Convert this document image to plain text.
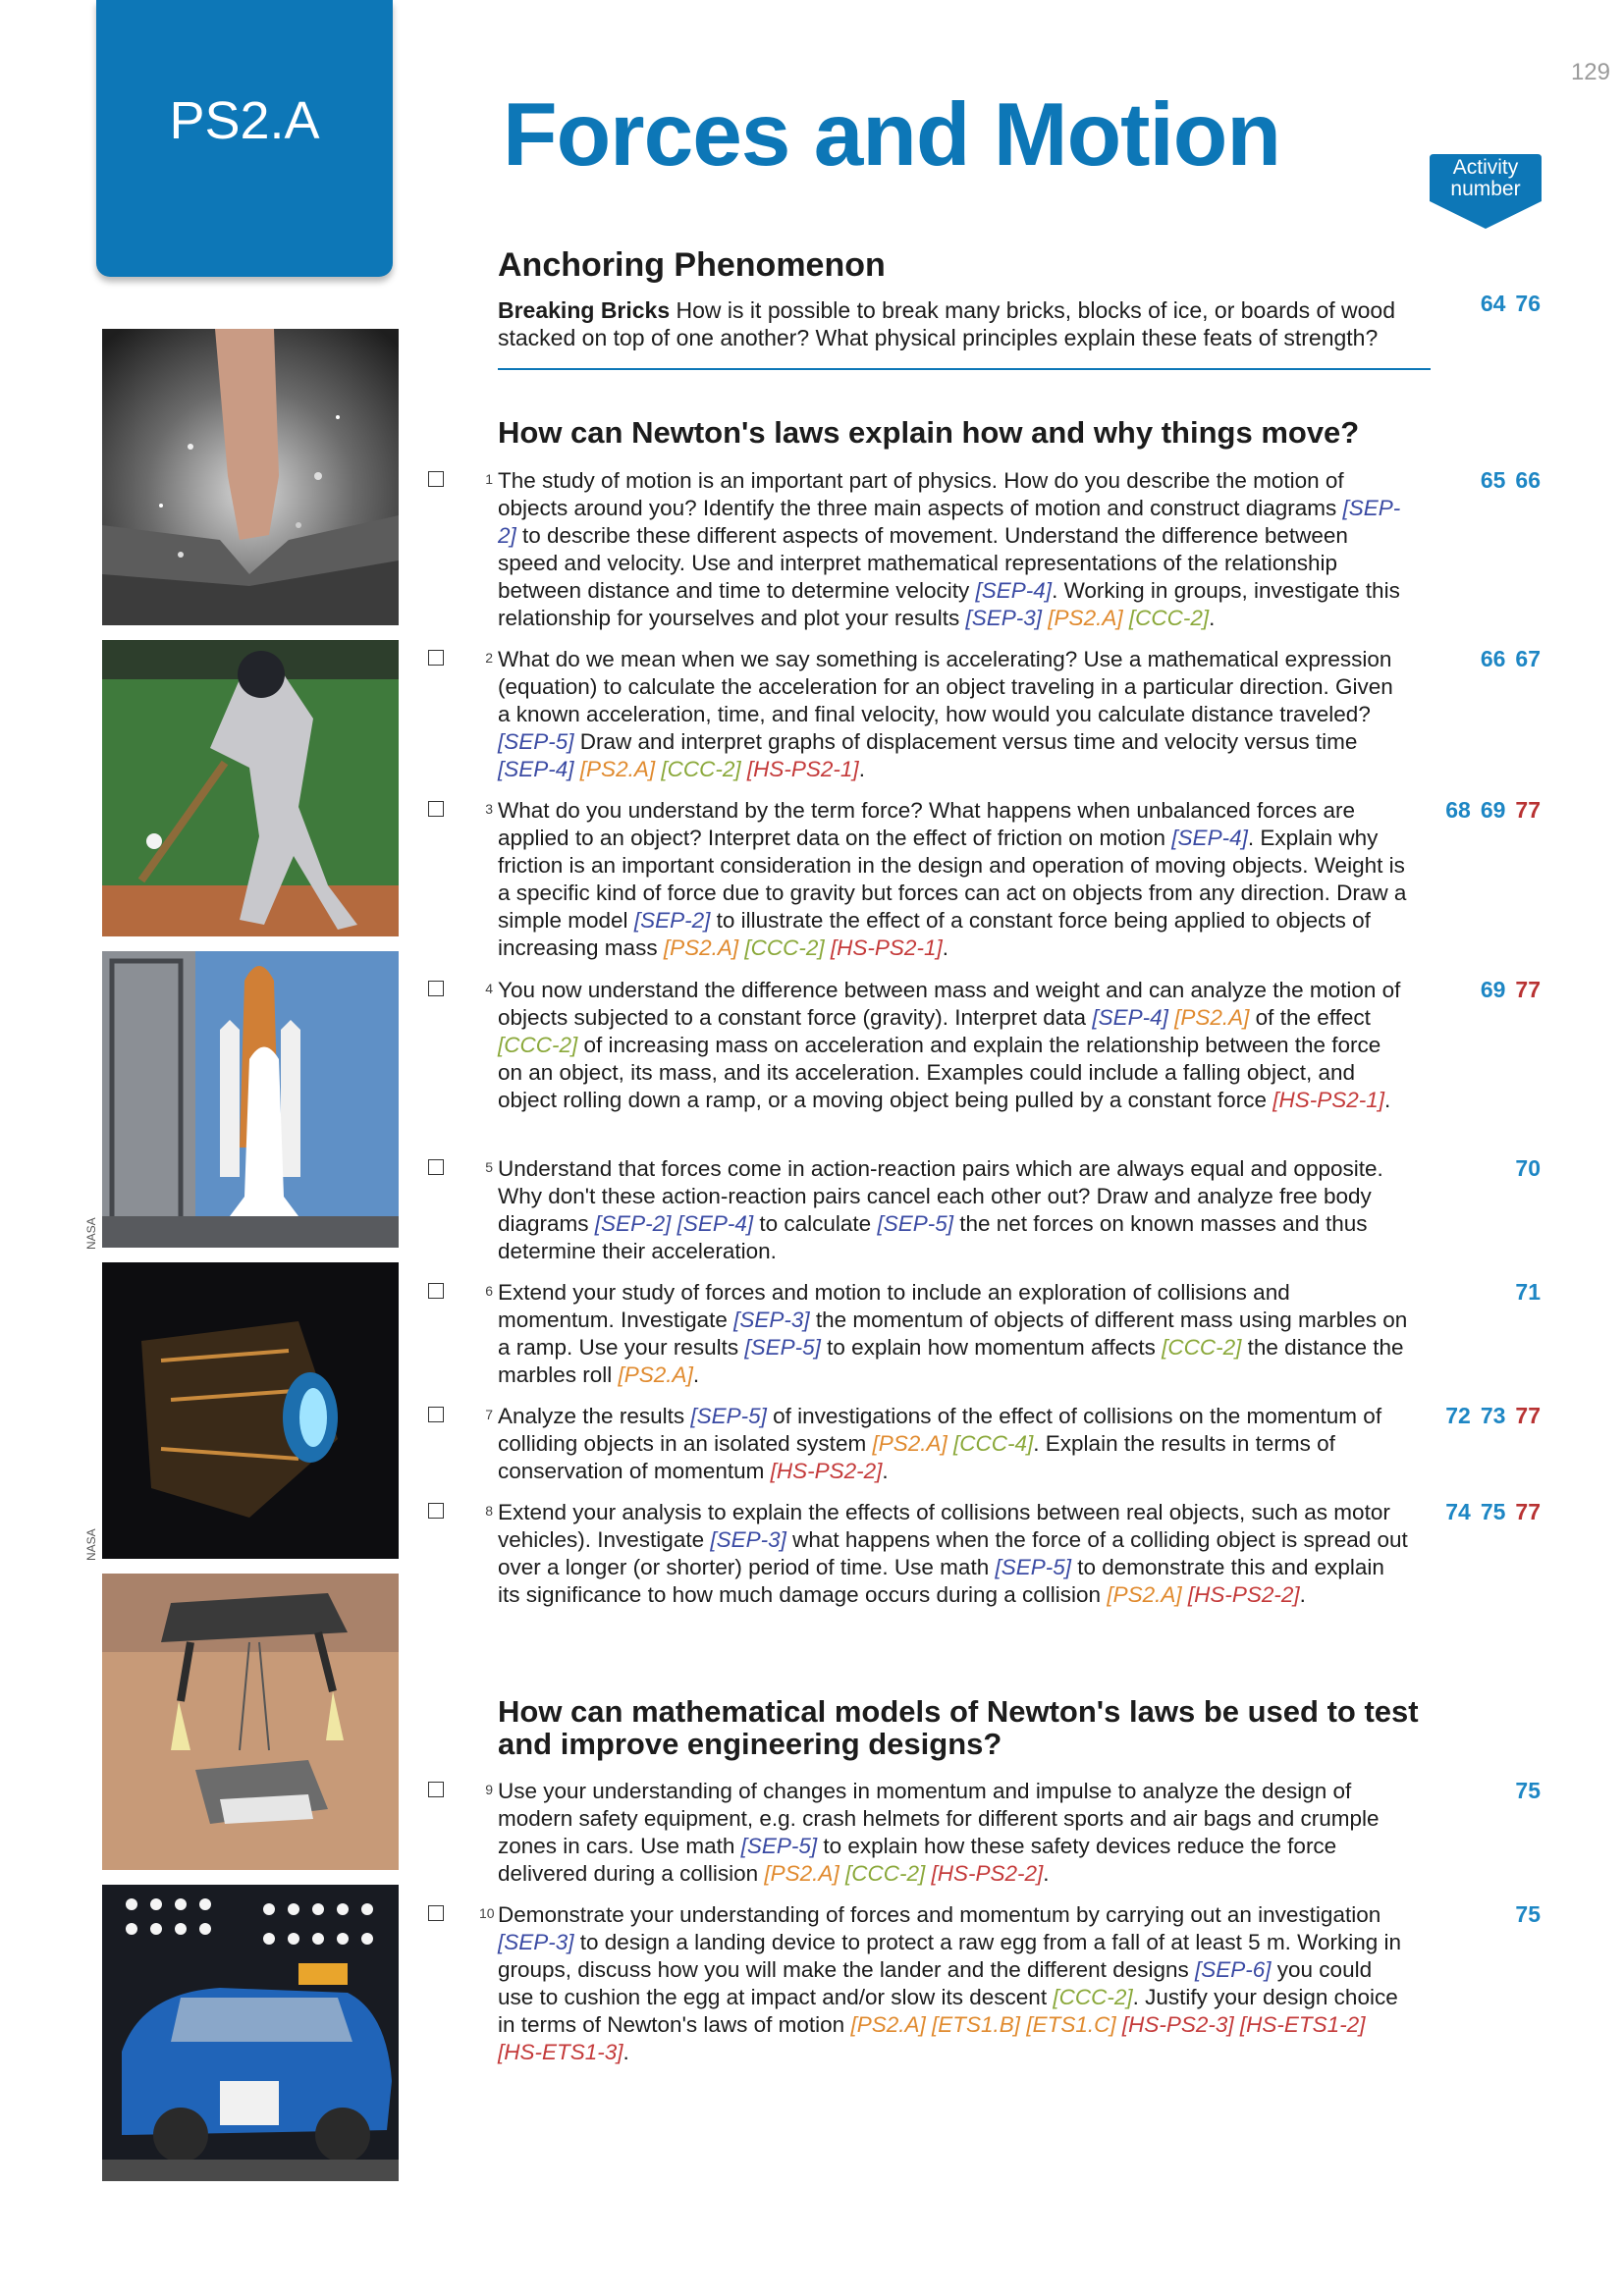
129
PS2.A	Forces and Motion	Activity number
NASA
NASA
Anchoring Phenomenon
Breaking Bricks How is it possible to break many bricks, blocks of ice, or boards of wood stacked on top of one another? What physical principles explain these feats of strength?
64 76
How can Newton's laws explain how and why things move?
How can mathematical models of Newton's laws be used to test and improve engineering designs?
1 The study of motion is an important part of physics. How do you describe the motion of objects around you? Identify the three main aspects of motion and construct diagrams [SEP-2] to describe these different aspects of movement. Understand the difference between speed and velocity. Use and interpret mathematical representations of the relationship between distance and time to determine velocity [SEP-4]. Working in groups, investigate this relationship for yourselves and plot your results [SEP-3] [PS2.A] [CCC-2].
65 66
2 What do we mean when we say something is accelerating? Use a mathematical expression (equation) to calculate the acceleration for an object traveling in a particular direction. Given a known acceleration, time, and final velocity, how would you calculate distance traveled?[SEP-5] Draw and interpret graphs of displacement versus time and velocity versus time [SEP-4] [PS2.A] [CCC-2] [HS-PS2-1].
66 67
3 What do you understand by the term force? What happens when unbalanced forces are applied to an object? Interpret data on the effect of friction on motion [SEP-4]. Explain why friction is an important consideration in the design and operation of moving objects. Weight is a specific kind of force due to gravity but forces can act on objects from any direction. Draw a simple model [SEP-2] to illustrate the effect of a constant force being applied to objects of increasing mass [PS2.A] [CCC-2] [HS-PS2-1].
68 69 77
4 You now understand the difference between mass and weight and can analyze the motion of objects subjected to a constant force (gravity). Interpret data [SEP-4] [PS2.A] of the effect [CCC-2] of increasing mass on acceleration and explain the relationship between the force on an object, its mass, and its acceleration. Examples could include a falling object, and object rolling down a ramp, or a moving object being pulled by a constant force [HS-PS2-1].
69 77
5 Understand that forces come in action-reaction pairs which are always equal and opposite. Why don't these action-reaction pairs cancel each other out? Draw and analyze free body diagrams [SEP-2] [SEP-4] to calculate [SEP-5] the net forces on known masses and thus determine their acceleration.
70
6 Extend your study of forces and motion to include an exploration of collisions and momentum. Investigate [SEP-3] the momentum of objects of different mass using marbles on a ramp. Use your results [SEP-5] to explain how momentum affects [CCC-2] the distance the marbles roll [PS2.A].
71
7 Analyze the results [SEP-5] of investigations of the effect of collisions on the momentum of colliding objects in an isolated system [PS2.A] [CCC-4]. Explain the results in terms of conservation of momentum [HS-PS2-2].
72 73 77
8 Extend your analysis to explain the effects of collisions between real objects, such as motor vehicles). Investigate [SEP-3] what happens when the force of a colliding object is spread out over a longer (or shorter) period of time. Use math [SEP-5] to demonstrate this and explain its significance to how much damage occurs during a collision [PS2.A] [HS-PS2-2].
74 75 77
9 Use your understanding of changes in momentum and impulse to analyze the design of modern safety equipment, e.g. crash helmets for different sports and air bags and crumple zones in cars. Use math [SEP-5] to explain how these safety devices reduce the force delivered during a collision [PS2.A] [CCC-2] [HS-PS2-2].
75
10 Demonstrate your understanding of forces and momentum by carrying out an investigation [SEP-3] to design a landing device to protect a raw egg from a fall of at least 5 m. Working in groups, discuss how you will make the lander and the different designs [SEP-6] you could use to cushion the egg at impact and/or slow its descent [CCC-2]. Justify your design choice in terms of Newton's laws of motion [PS2.A] [ETS1.B] [ETS1.C] [HS-PS2-3] [HS-ETS1-2] [HS-ETS1-3].
75
